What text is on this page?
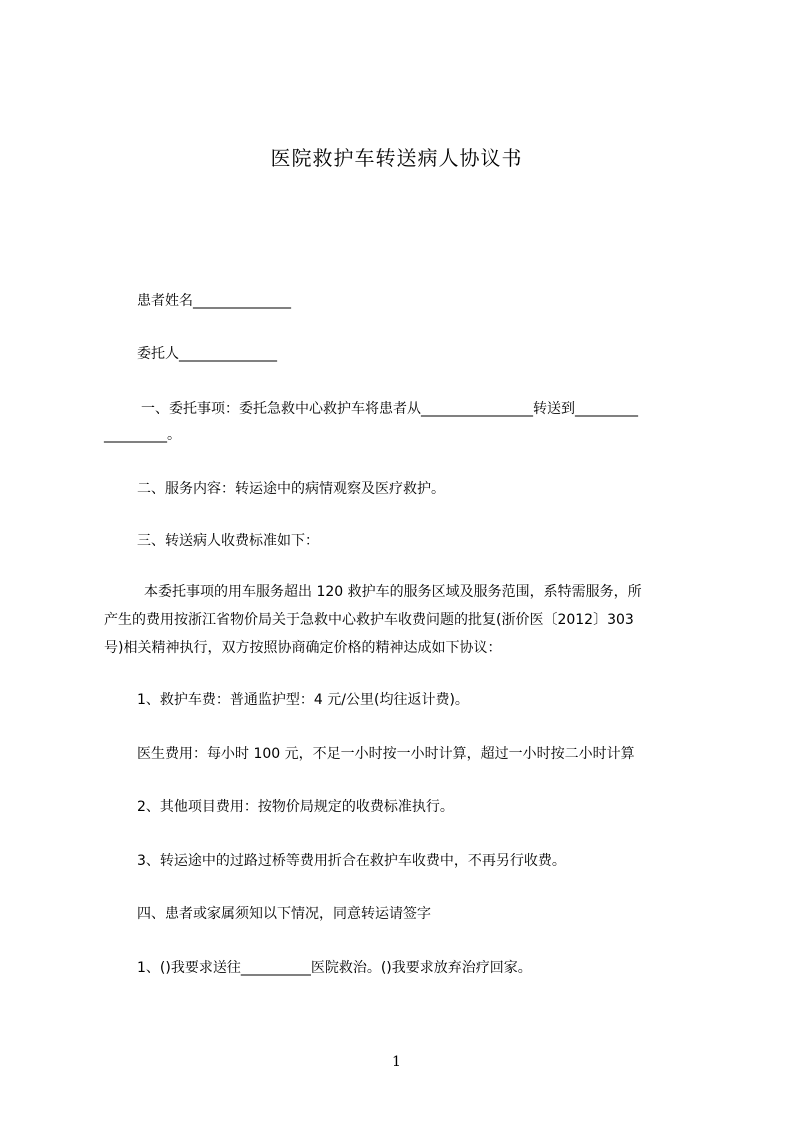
医院救护车转送病人协议书
患者姓名______________
委托人______________
一、委托事项：委托急救中心救护车将患者从________________转送到_________
_________。
二、服务内容：转运途中的病情观察及医疗救护。
三、转送病人收费标准如下：
本委托事项的用车服务超出 120 救护车的服务区域及服务范围，系特需服务，所
产生的费用按浙江省物价局关于急救中心救护车收费问题的批复(浙价医〔2012〕303
号)相关精神执行，双方按照协商确定价格的精神达成如下协议：
1、救护车费：普通监护型：4 元/公里(均往返计费)。
医生费用：每小时 100 元，不足一小时按一小时计算，超过一小时按二小时计算
2、其他项目费用：按物价局规定的收费标准执行。
3、转运途中的过路过桥等费用折合在救护车收费中，不再另行收费。
四、患者或家属须知以下情况，同意转运请签字
1、()我要求送往__________医院救治。()我要求放弃治疗回家。
1
